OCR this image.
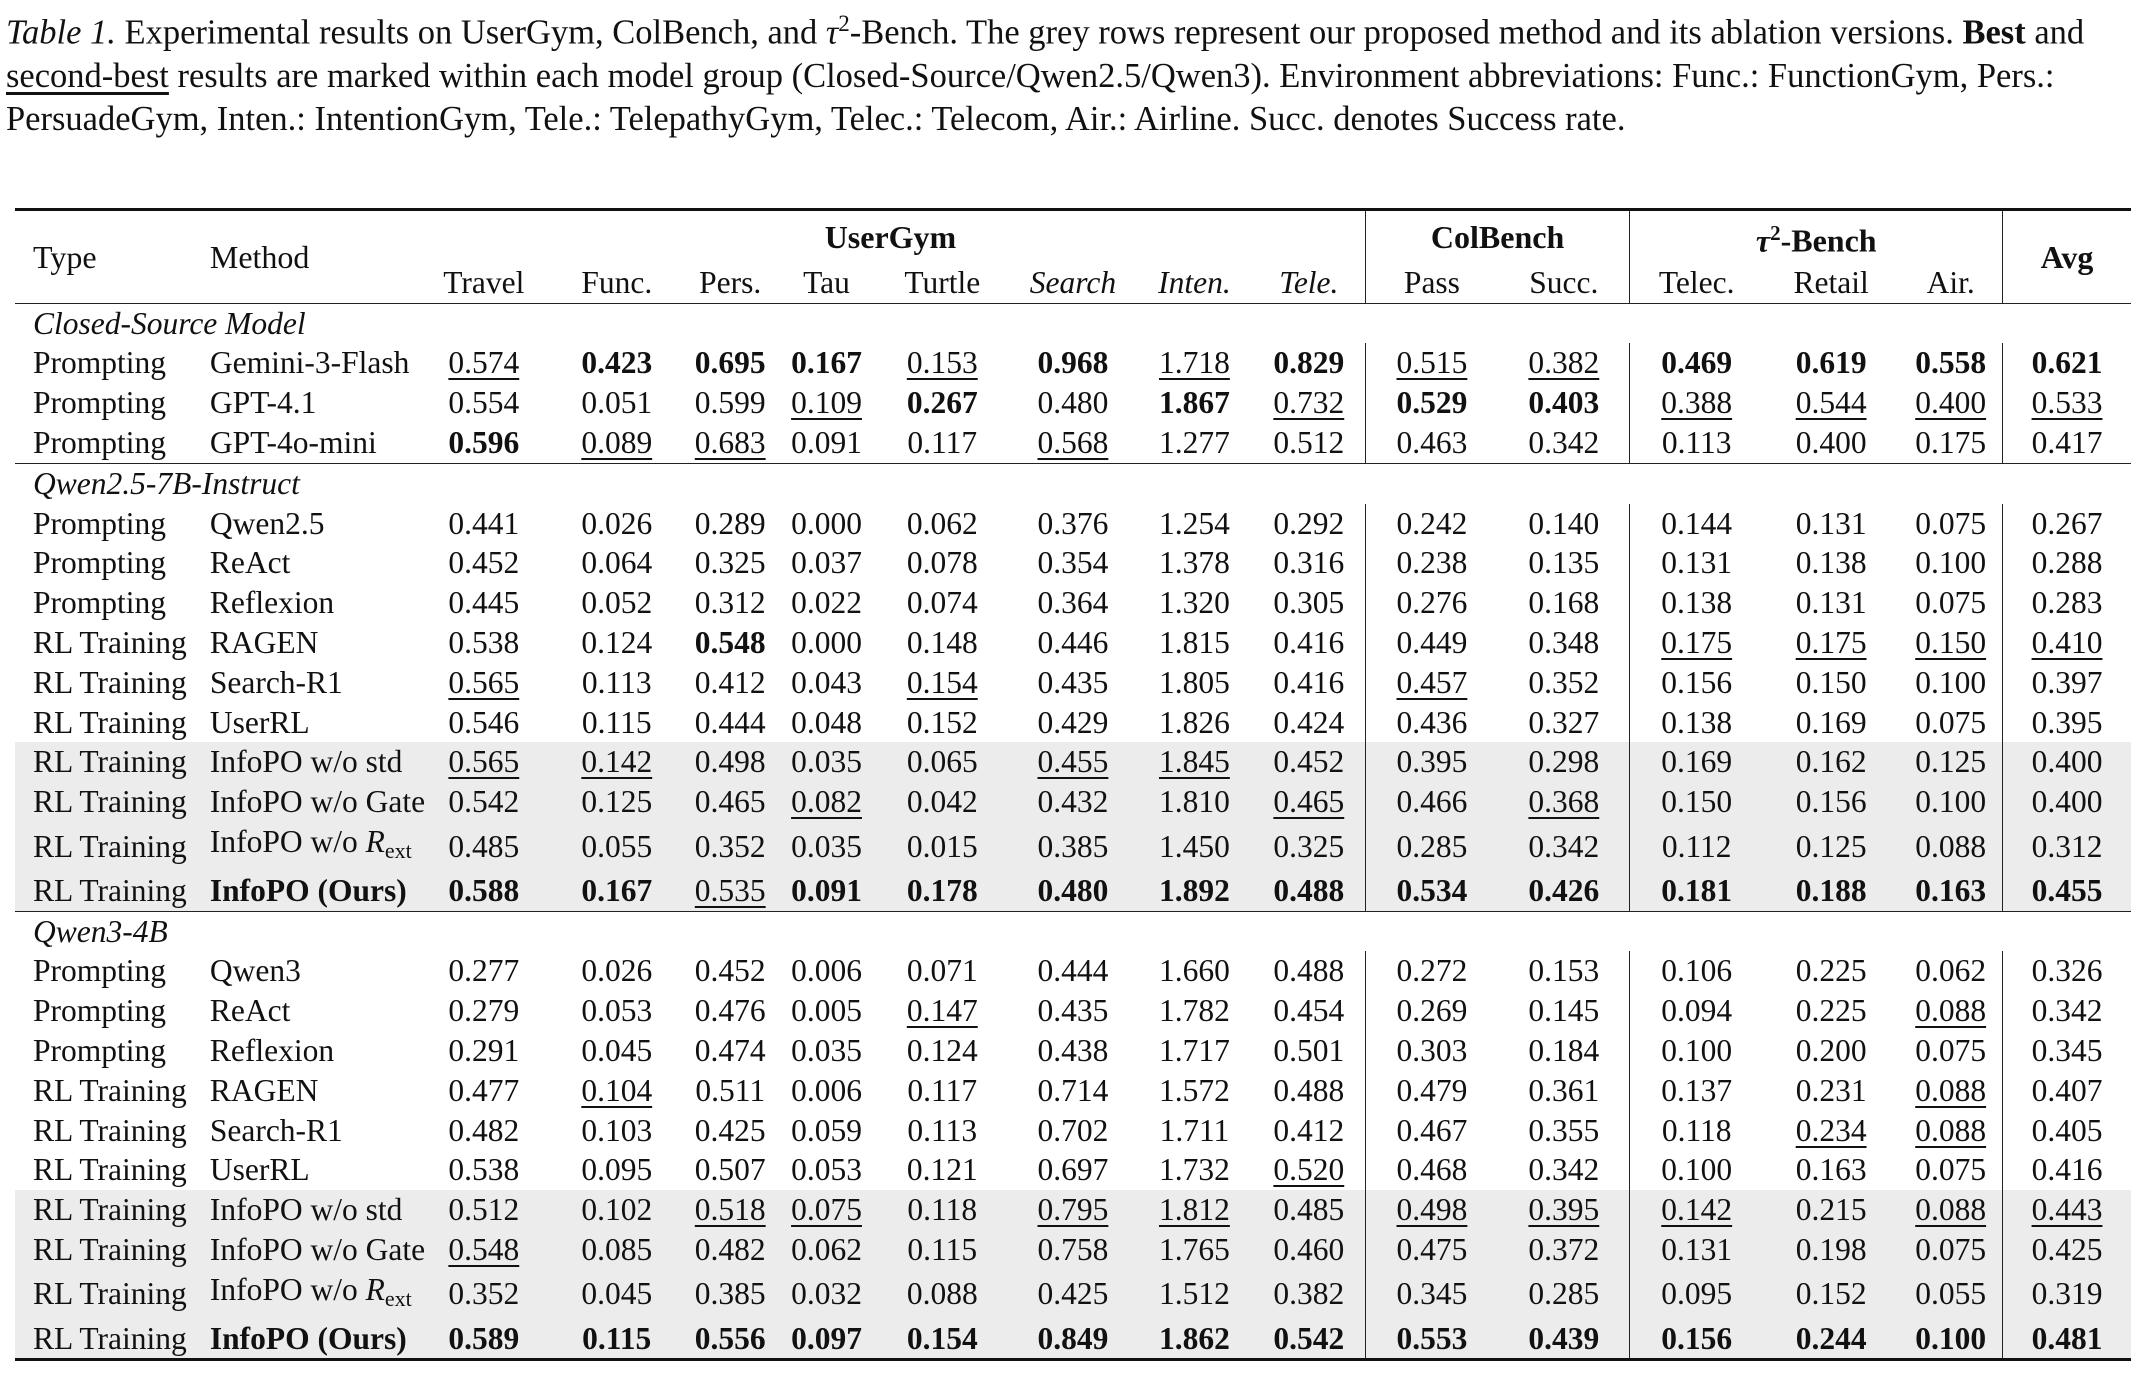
Table 1. Experimental results on UserGym, ColBench, and $\tau^2$-Bench. The grey rows represent our proposed method and its ablation versions. Best and second-best results are marked within each model group (Closed-Source/Qwen2.5/Qwen3). Environment abbreviations: Func.: FunctionGym, Pers.: PersuadeGym, Inten.: IntentionGym, Tele.: TelepathyGym, Telec.: Telecom, Air.: Airline. Succ. denotes Success rate.

Type	Method	UserGym								ColBench		$\tau^2$-Bench			Avg
		Travel	Func.	Pers.	Tau	Turtle	Search	Inten.	Tele.	Pass	Succ.	Telec.	Retail	Air.	
Closed-Source Model															
Prompting	Gemini-3-Flash	0.574	0.423	0.695	0.167	0.153	0.968	1.718	0.829	0.515	0.382	0.469	0.619	0.558	0.621
Prompting	GPT-4.1	0.554	0.051	0.599	0.109	0.267	0.480	1.867	0.732	0.529	0.403	0.388	0.544	0.400	0.533
Prompting	GPT-4o-mini	0.596	0.089	0.683	0.091	0.117	0.568	1.277	0.512	0.463	0.342	0.113	0.400	0.175	0.417
Qwen2.5-7B-Instruct															
Prompting	Qwen2.5	0.441	0.026	0.289	0.000	0.062	0.376	1.254	0.292	0.242	0.140	0.144	0.131	0.075	0.267
Prompting	ReAct	0.452	0.064	0.325	0.037	0.078	0.354	1.378	0.316	0.238	0.135	0.131	0.138	0.100	0.288
Prompting	Reflexion	0.445	0.052	0.312	0.022	0.074	0.364	1.320	0.305	0.276	0.168	0.138	0.131	0.075	0.283
RL Training	RAGEN	0.538	0.124	0.548	0.000	0.148	0.446	1.815	0.416	0.449	0.348	0.175	0.175	0.150	0.410
RL Training	Search-R1	0.565	0.113	0.412	0.043	0.154	0.435	1.805	0.416	0.457	0.352	0.156	0.150	0.100	0.397
RL Training	UserRL	0.546	0.115	0.444	0.048	0.152	0.429	1.826	0.424	0.436	0.327	0.138	0.169	0.075	0.395
RL Training	InfoPO w/o std	0.565	0.142	0.498	0.035	0.065	0.455	1.845	0.452	0.395	0.298	0.169	0.162	0.125	0.400
RL Training	InfoPO w/o Gate	0.542	0.125	0.465	0.082	0.042	0.432	1.810	0.465	0.466	0.368	0.150	0.156	0.100	0.400
RL Training	InfoPO w/o $R_{ext}$	0.485	0.055	0.352	0.035	0.015	0.385	1.450	0.325	0.285	0.342	0.112	0.125	0.088	0.312
RL Training	InfoPO (Ours)	0.588	0.167	0.535	0.091	0.178	0.480	1.892	0.488	0.534	0.426	0.181	0.188	0.163	0.455
Qwen3-4B															
Prompting	Qwen3	0.277	0.026	0.452	0.006	0.071	0.444	1.660	0.488	0.272	0.153	0.106	0.225	0.062	0.326
Prompting	ReAct	0.279	0.053	0.476	0.005	0.147	0.435	1.782	0.454	0.269	0.145	0.094	0.225	0.088	0.342
Prompting	Reflexion	0.291	0.045	0.474	0.035	0.124	0.438	1.717	0.501	0.303	0.184	0.100	0.200	0.075	0.345
RL Training	RAGEN	0.477	0.104	0.511	0.006	0.117	0.714	1.572	0.488	0.479	0.361	0.137	0.231	0.088	0.407
RL Training	Search-R1	0.482	0.103	0.425	0.059	0.113	0.702	1.711	0.412	0.467	0.355	0.118	0.234	0.088	0.405
RL Training	UserRL	0.538	0.095	0.507	0.053	0.121	0.697	1.732	0.520	0.468	0.342	0.100	0.163	0.075	0.416
RL Training	InfoPO w/o std	0.512	0.102	0.518	0.075	0.118	0.795	1.812	0.485	0.498	0.395	0.142	0.215	0.088	0.443
RL Training	InfoPO w/o Gate	0.548	0.085	0.482	0.062	0.115	0.758	1.765	0.460	0.475	0.372	0.131	0.198	0.075	0.425
RL Training	InfoPO w/o $R_{ext}$	0.352	0.045	0.385	0.032	0.088	0.425	1.512	0.382	0.345	0.285	0.095	0.152	0.055	0.319
RL Training	InfoPO (Ours)	0.589	0.115	0.556	0.097	0.154	0.849	1.862	0.542	0.553	0.439	0.156	0.244	0.100	0.481
